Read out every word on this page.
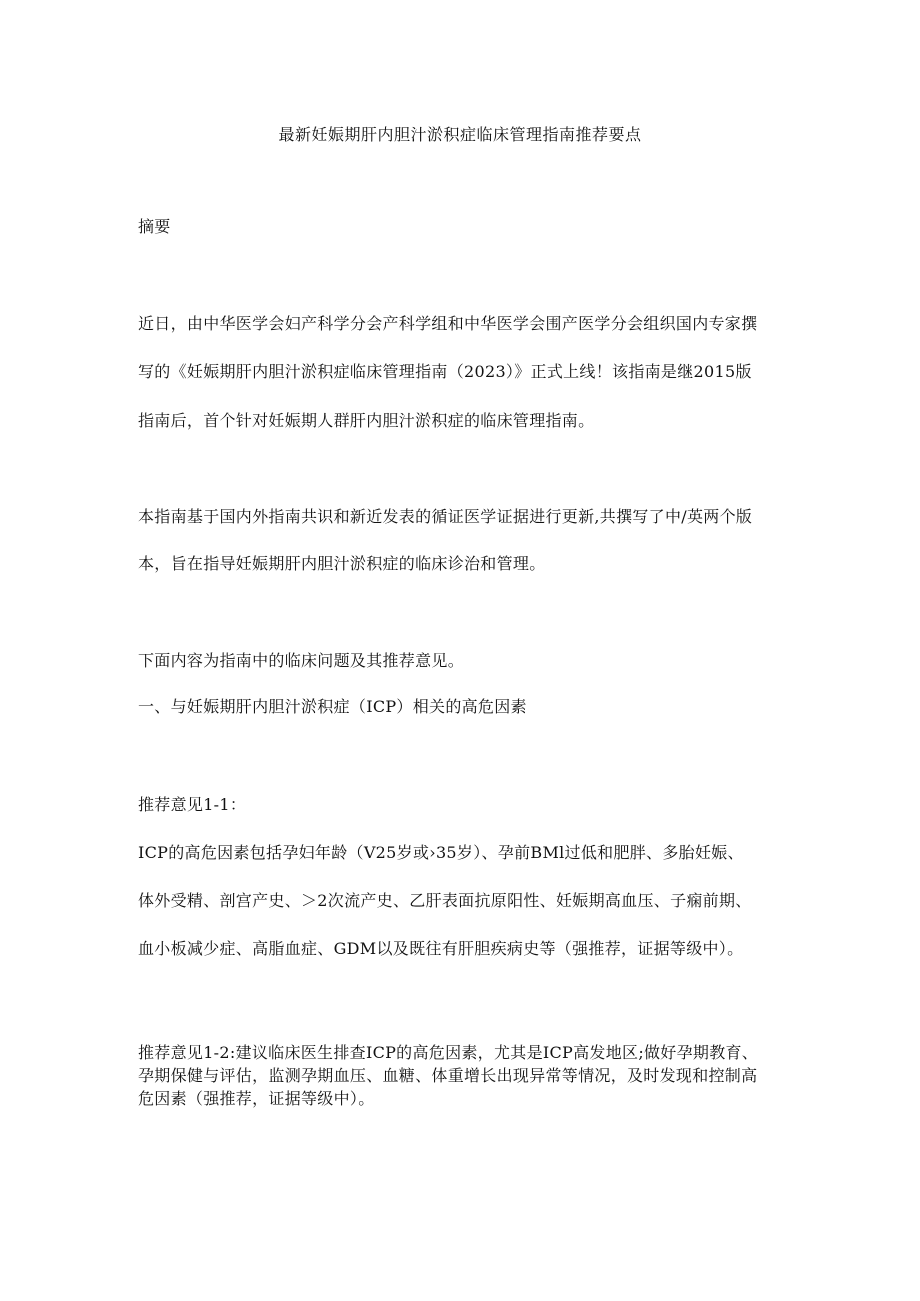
最新妊娠期肝内胆汁淤积症临床管理指南推荐要点
摘要
近日，由中华医学会妇产科学分会产科学组和中华医学会围产医学分会组织国内专家撰
写的《妊娠期肝内胆汁淤积症临床管理指南（2023）》正式上线！该指南是继2015版
指南后，首个针对妊娠期人群肝内胆汁淤积症的临床管理指南。
本指南基于国内外指南共识和新近发表的循证医学证据进行更新,共撰写了中/英两个版
本，旨在指导妊娠期肝内胆汁淤积症的临床诊治和管理。
下面内容为指南中的临床问题及其推荐意见。
一、与妊娠期肝内胆汁淤积症（ICP）相关的高危因素
推荐意见1-1：
ICP的高危因素包括孕妇年龄（V25岁或›35岁）、孕前BMl过低和肥胖、多胎妊娠、
体外受精、剖宫产史、＞2次流产史、乙肝表面抗原阳性、妊娠期高血压、子痫前期、
血小板减少症、高脂血症、GDM以及既往有肝胆疾病史等（强推荐，证据等级中）。
推荐意见1-2:建议临床医生排查ICP的高危因素，尤其是ICP高发地区;做好孕期教育、
孕期保健与评估，监测孕期血压、血糖、体重增长出现异常等情况，及时发现和控制高
危因素（强推荐，证据等级中）。
